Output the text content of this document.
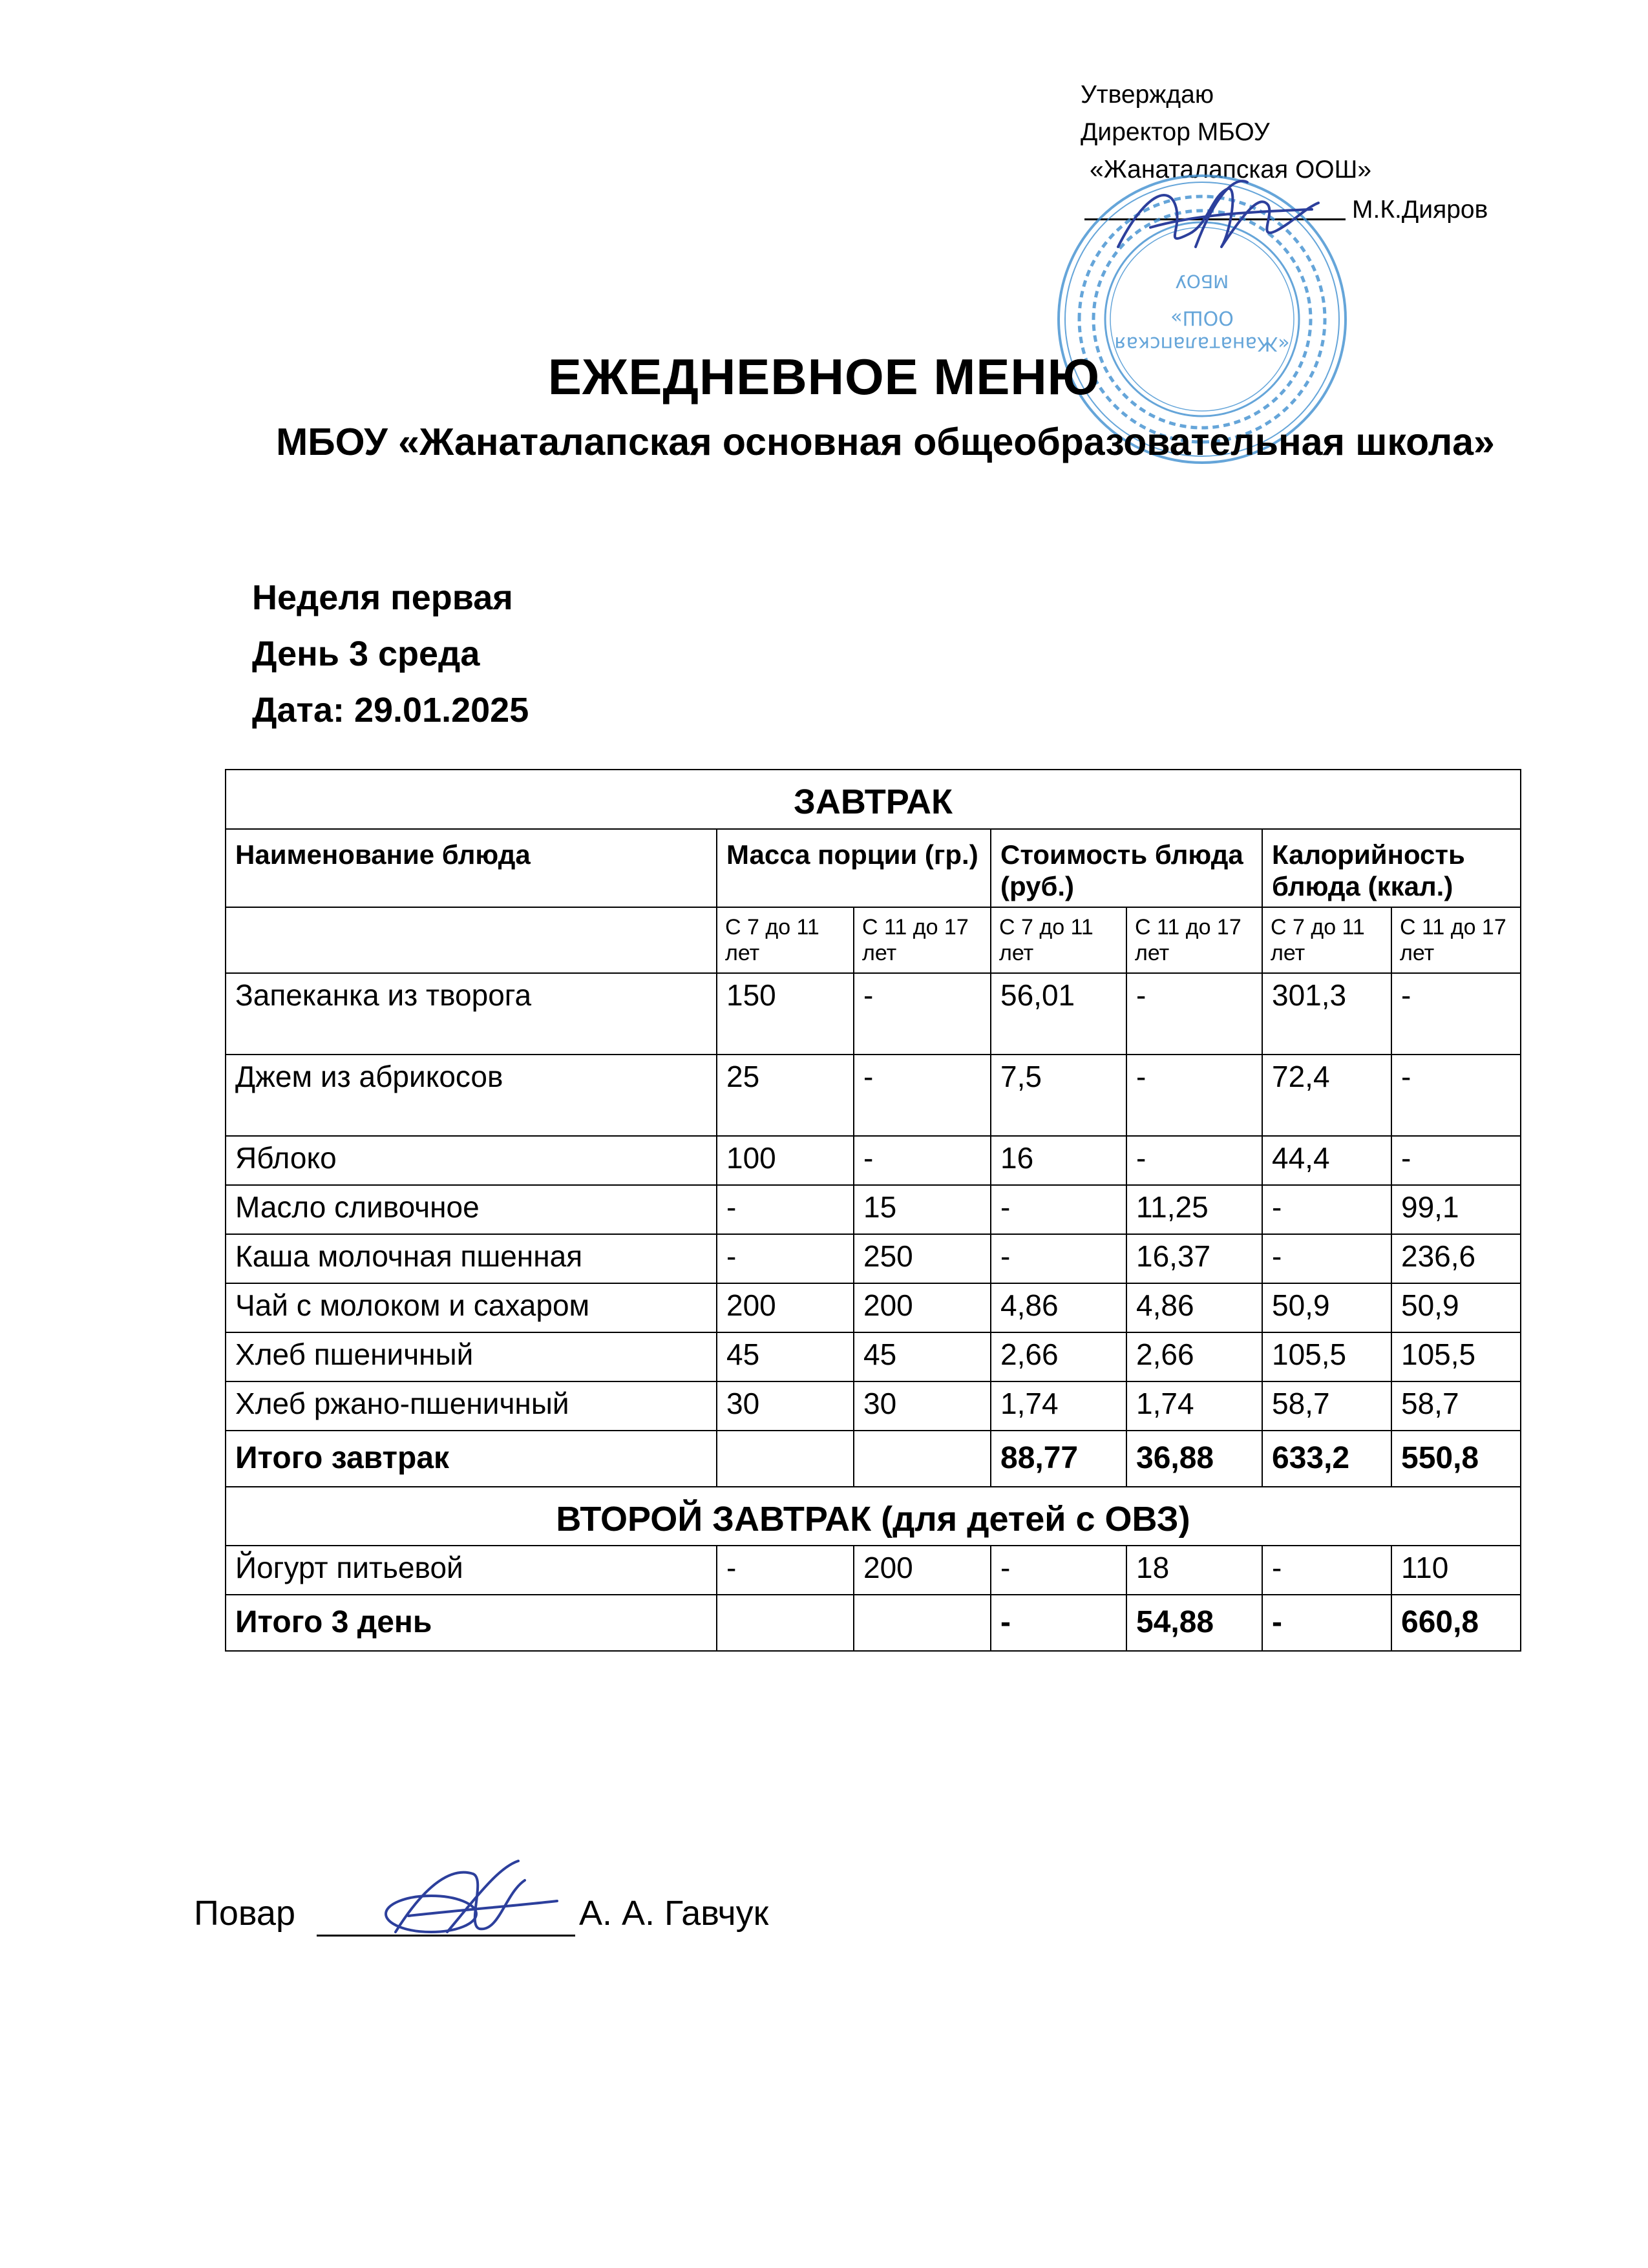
Утверждаю
Директор МБОУ
«Жанаталапская ООШ»
М.К.Дияров
«Жанаталапская
ООШ»
МБОУ
ЕЖЕДНЕВНОЕ МЕНЮ
МБОУ «Жанаталапская основная общеобразовательная школа»
Неделя первая
День 3 среда
Дата: 29.01.2025
ЗАВТРАК						
Наименование блюда	Масса порции (гр.)		Стоимость блюда (руб.)		Калорийность блюда (ккал.)	
	С 7 до 11 лет	С 11 до 17 лет	С 7 до 11 лет	С 11 до 17 лет	С 7 до 11 лет	С 11 до 17 лет
Запеканка из творога	150	-	56,01	-	301,3	-
Джем из абрикосов	25	-	7,5	-	72,4	-
Яблоко	100	-	16	-	44,4	-
Масло сливочное	-	15	-	11,25	-	99,1
Каша молочная пшенная	-	250	-	16,37	-	236,6
Чай с молоком и сахаром	200	200	4,86	4,86	50,9	50,9
Хлеб пшеничный	45	45	2,66	2,66	105,5	105,5
Хлеб ржано-пшеничный	30	30	1,74	1,74	58,7	58,7
Итого завтрак			88,77	36,88	633,2	550,8
ВТОРОЙ ЗАВТРАК (для детей с ОВЗ)						
Йогурт питьевой	-	200	-	18	-	110
Итого 3 день			-	54,88	-	660,8
Повар	А. А. Гавчук
